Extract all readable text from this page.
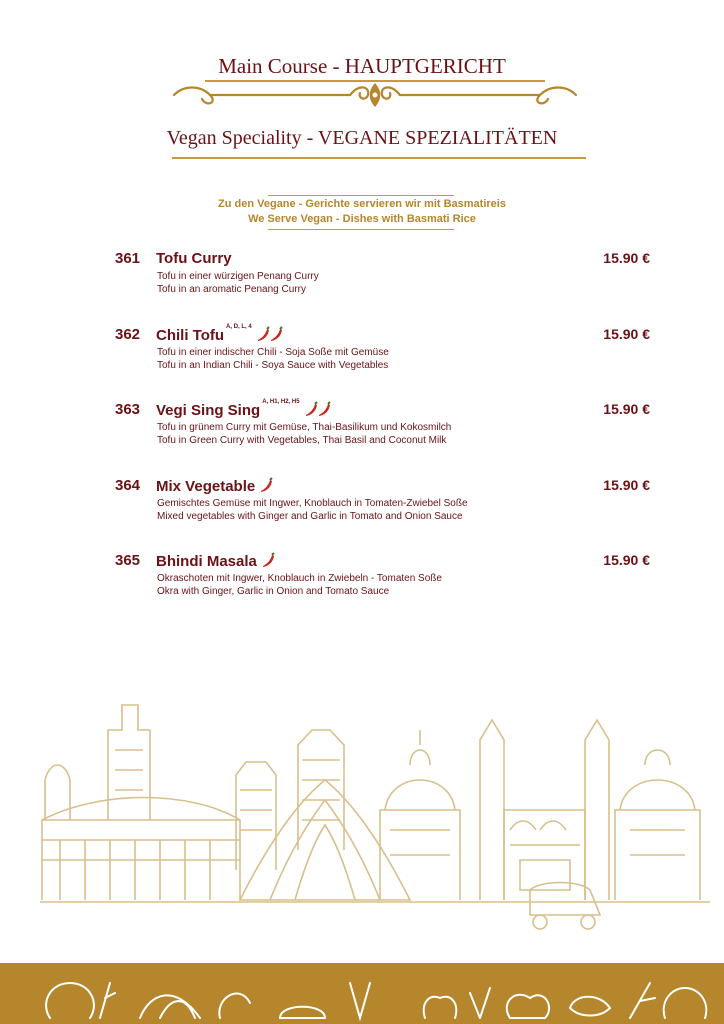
Main Course - HAUPTGERICHT
Vegan Speciality - VEGANE SPEZIALITÄTEN
Zu den Vegane - Gerichte servieren wir mit Basmatireis
We Serve Vegan - Dishes with Basmati Rice
361 Tofu Curry	15.90 €
Tofu in einer würzigen Penang Curry
Tofu in an aromatic Penang Curry
362 Chili Tofu $^{A, D, L, 4}$	15.90 €
Tofu in einer indischer Chili - Soja Soße mit Gemüse
Tofu in an Indian Chili - Soya Sauce with Vegetables
363 Vegi Sing Sing $^{A, H1, H2, H5}$	15.90 €
Tofu in grünem Curry mit Gemüse, Thai-Basilikum und Kokosmilch
Tofu in Green Curry with Vegetables, Thai Basil and Coconut Milk
364 Mix Vegetable	15.90 €
Gemischtes Gemüse mit Ingwer, Knoblauch in Tomaten-Zwiebel Soße
Mixed vegetables with Ginger and Garlic in Tomato and Onion Sauce
365 Bhindi Masala	15.90 €
Okraschoten mit Ingwer, Knoblauch in Zwiebeln - Tomaten Soße
Okra with Ginger, Garlic in Onion and Tomato Sauce
